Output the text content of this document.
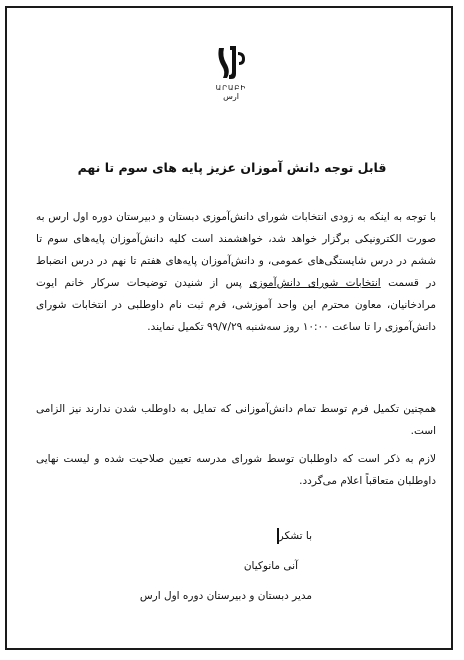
ԱՐԱԲԻ
ارس
قابل توجه دانش آموزان عزیز پایه های سوم تا نهم
با توجه به اینکه به زودی انتخابات شورای دانش‌آموزی دبستان و دبیرستان دوره اول ارس به صورت الکترونیکی برگزار خواهد شد، خواهشمند است کلیه دانش‌آموزان پایه‌های سوم تا ششم در درس شایستگی‌های عمومی، و دانش‌آموزان پایه‌های هفتم تا نهم در درس انضباط در قسمت انتخابات شورای دانش‌آموزی پس از شنیدن توضیحات سرکار خانم ایوت مرادخانیان، معاون محترم این واحد آموزشی، فرم ثبت نام داوطلبی در انتخابات شورای دانش‌آموزی را تا ساعت ۱۰:۰۰ روز سه‌شنبه ۹۹/۷/۲۹ تکمیل نمایند.
همچنین تکمیل فرم توسط تمام دانش‌آموزانی که تمایل به داوطلب شدن ندارند نیز الزامی است.
لازم به ذکر است که داوطلبان توسط شورای مدرسه تعیین صلاحیت شده و لیست نهایی داوطلبان متعاقباً اعلام می‌گردد.
با تشکر
آنی مانوکیان
مدیر دبستان و دبیرستان دوره اول ارس
